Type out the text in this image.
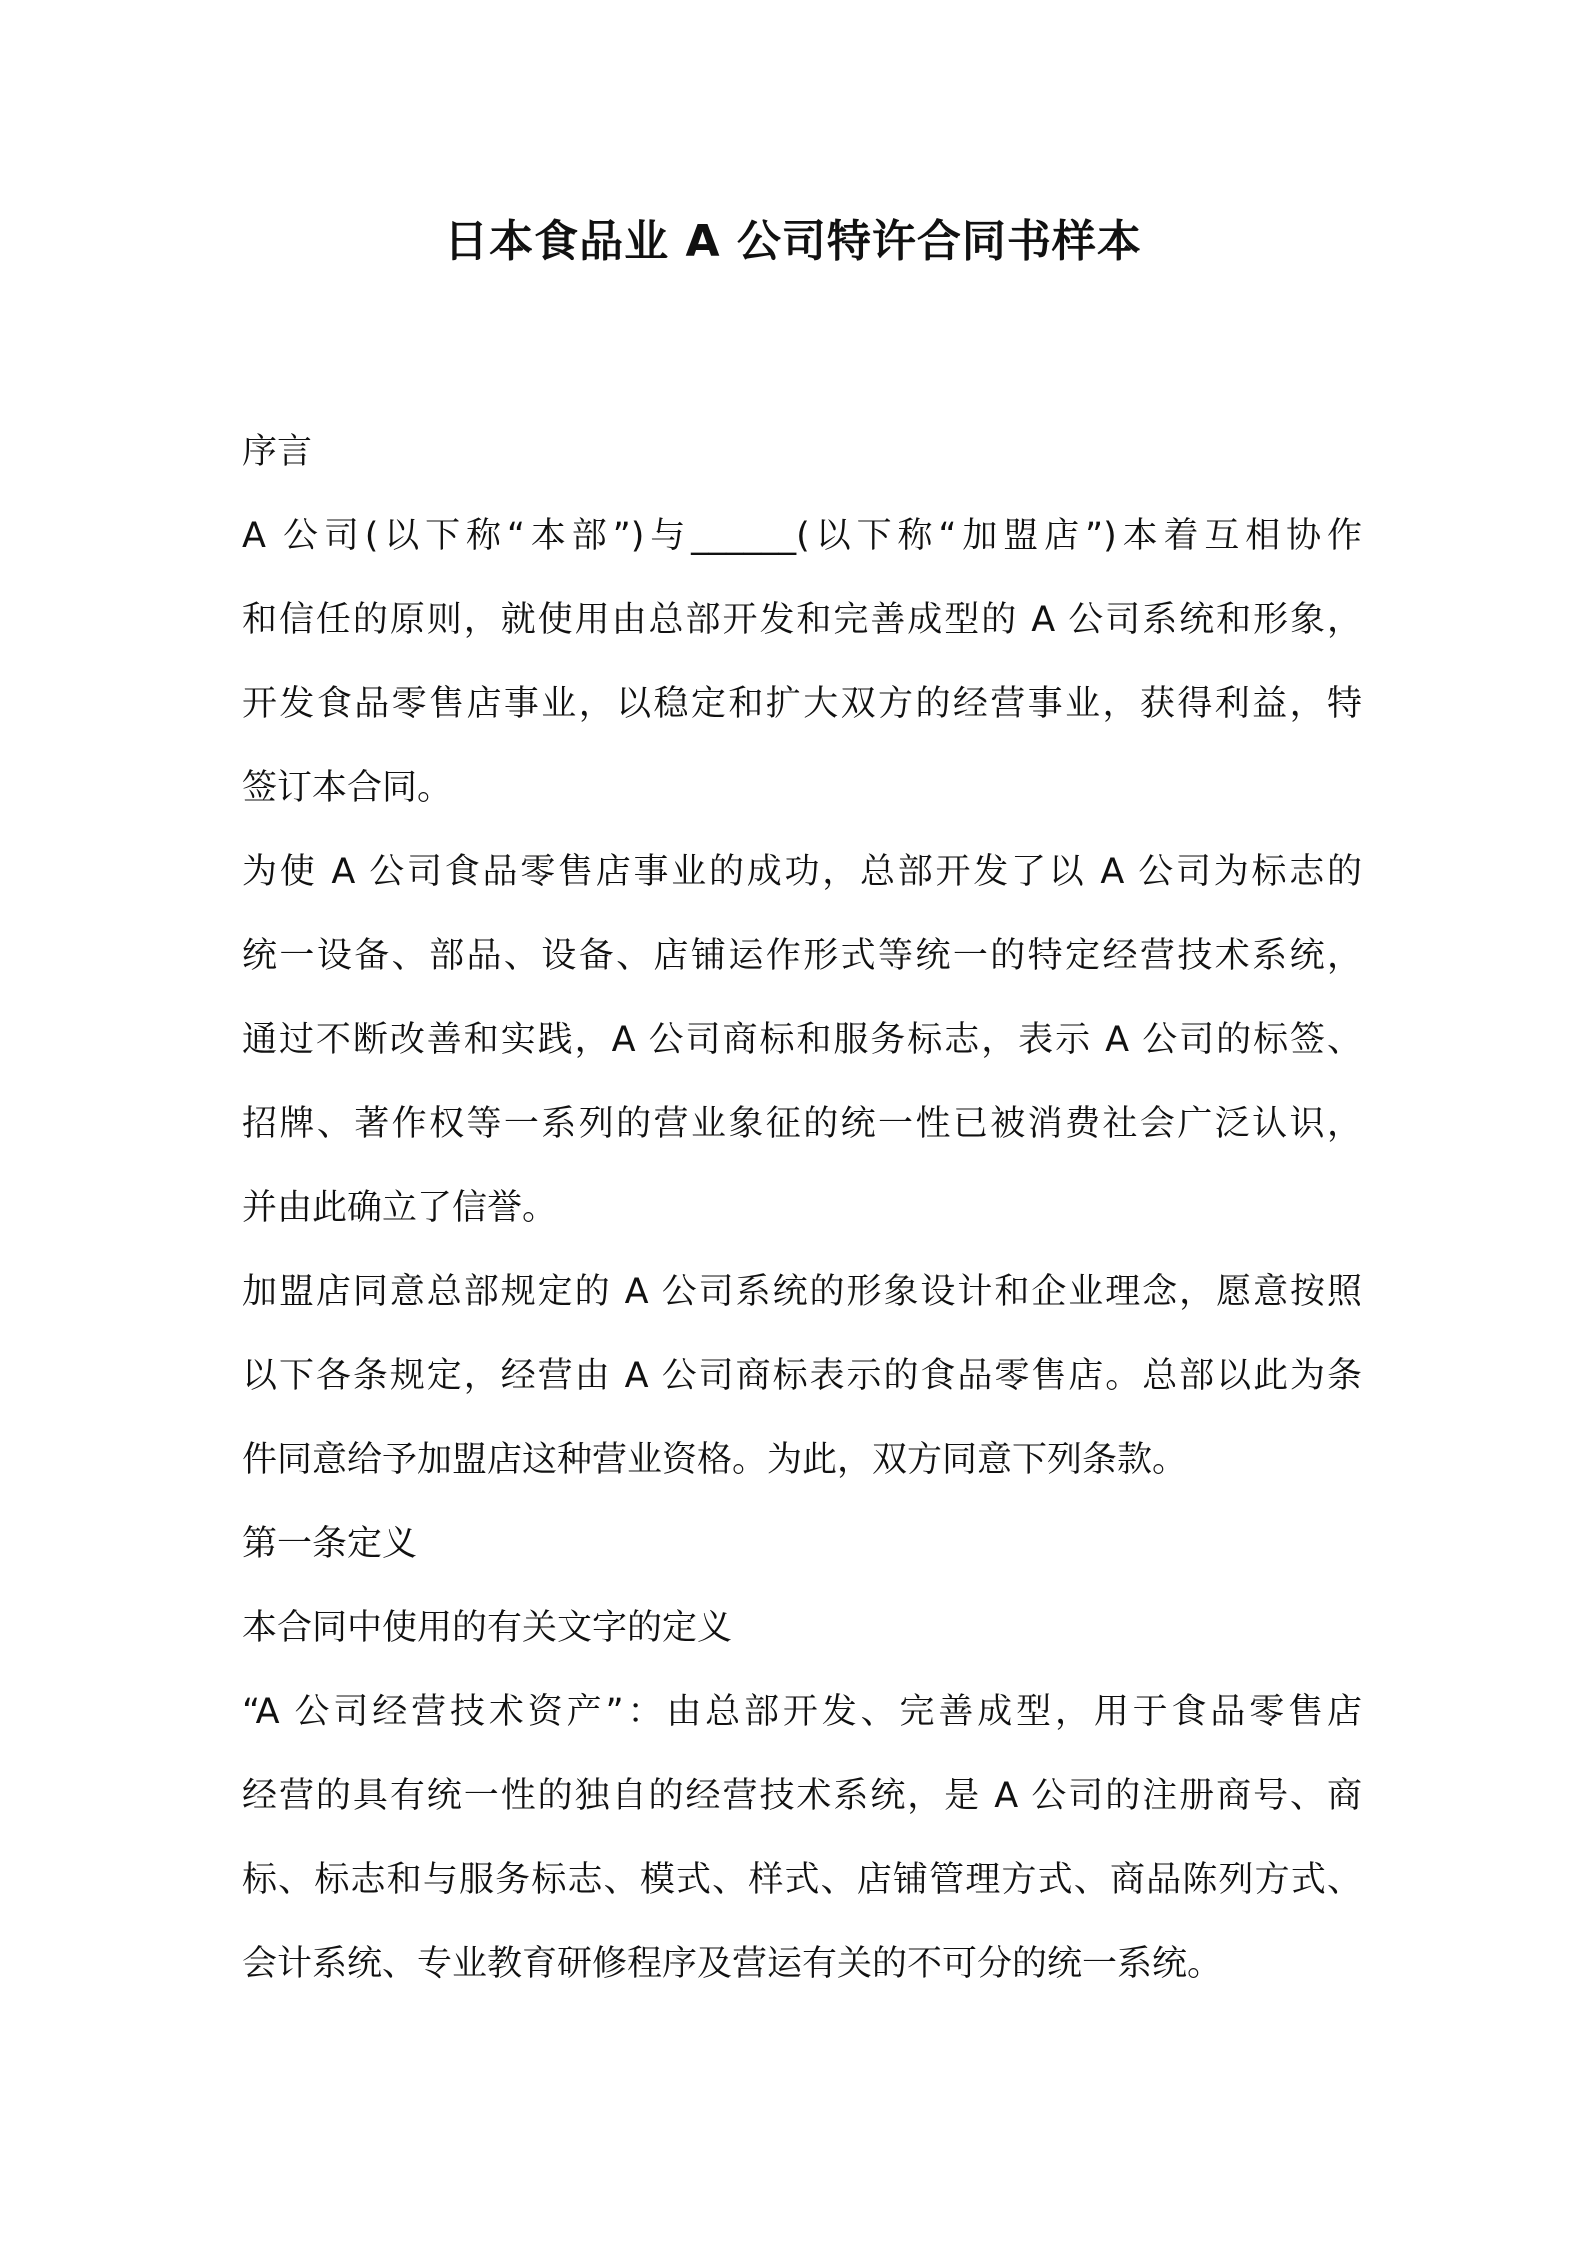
日本食品业 A 公司特许合同书样本

序言

A 公司(以下称“本部”)与______(以下称“加盟店”)本着互相协作

和信任的原则，就使用由总部开发和完善成型的 A 公司系统和形象，

开发食品零售店事业，以稳定和扩大双方的经营事业，获得利益，特

签订本合同。

为使 A 公司食品零售店事业的成功，总部开发了以 A 公司为标志的

统一设备、部品、设备、店铺运作形式等统一的特定经营技术系统，

通过不断改善和实践，A 公司商标和服务标志，表示 A 公司的标签、

招牌、著作权等一系列的营业象征的统一性已被消费社会广泛认识，

并由此确立了信誉。

加盟店同意总部规定的 A 公司系统的形象设计和企业理念，愿意按照

以下各条规定，经营由 A 公司商标表示的食品零售店。总部以此为条

件同意给予加盟店这种营业资格。为此，双方同意下列条款。

第一条定义

本合同中使用的有关文字的定义

“A 公司经营技术资产”：由总部开发、完善成型，用于食品零售店

经营的具有统一性的独自的经营技术系统，是 A 公司的注册商号、商

标、标志和与服务标志、模式、样式、店铺管理方式、商品陈列方式、

会计系统、专业教育研修程序及营运有关的不可分的统一系统。
